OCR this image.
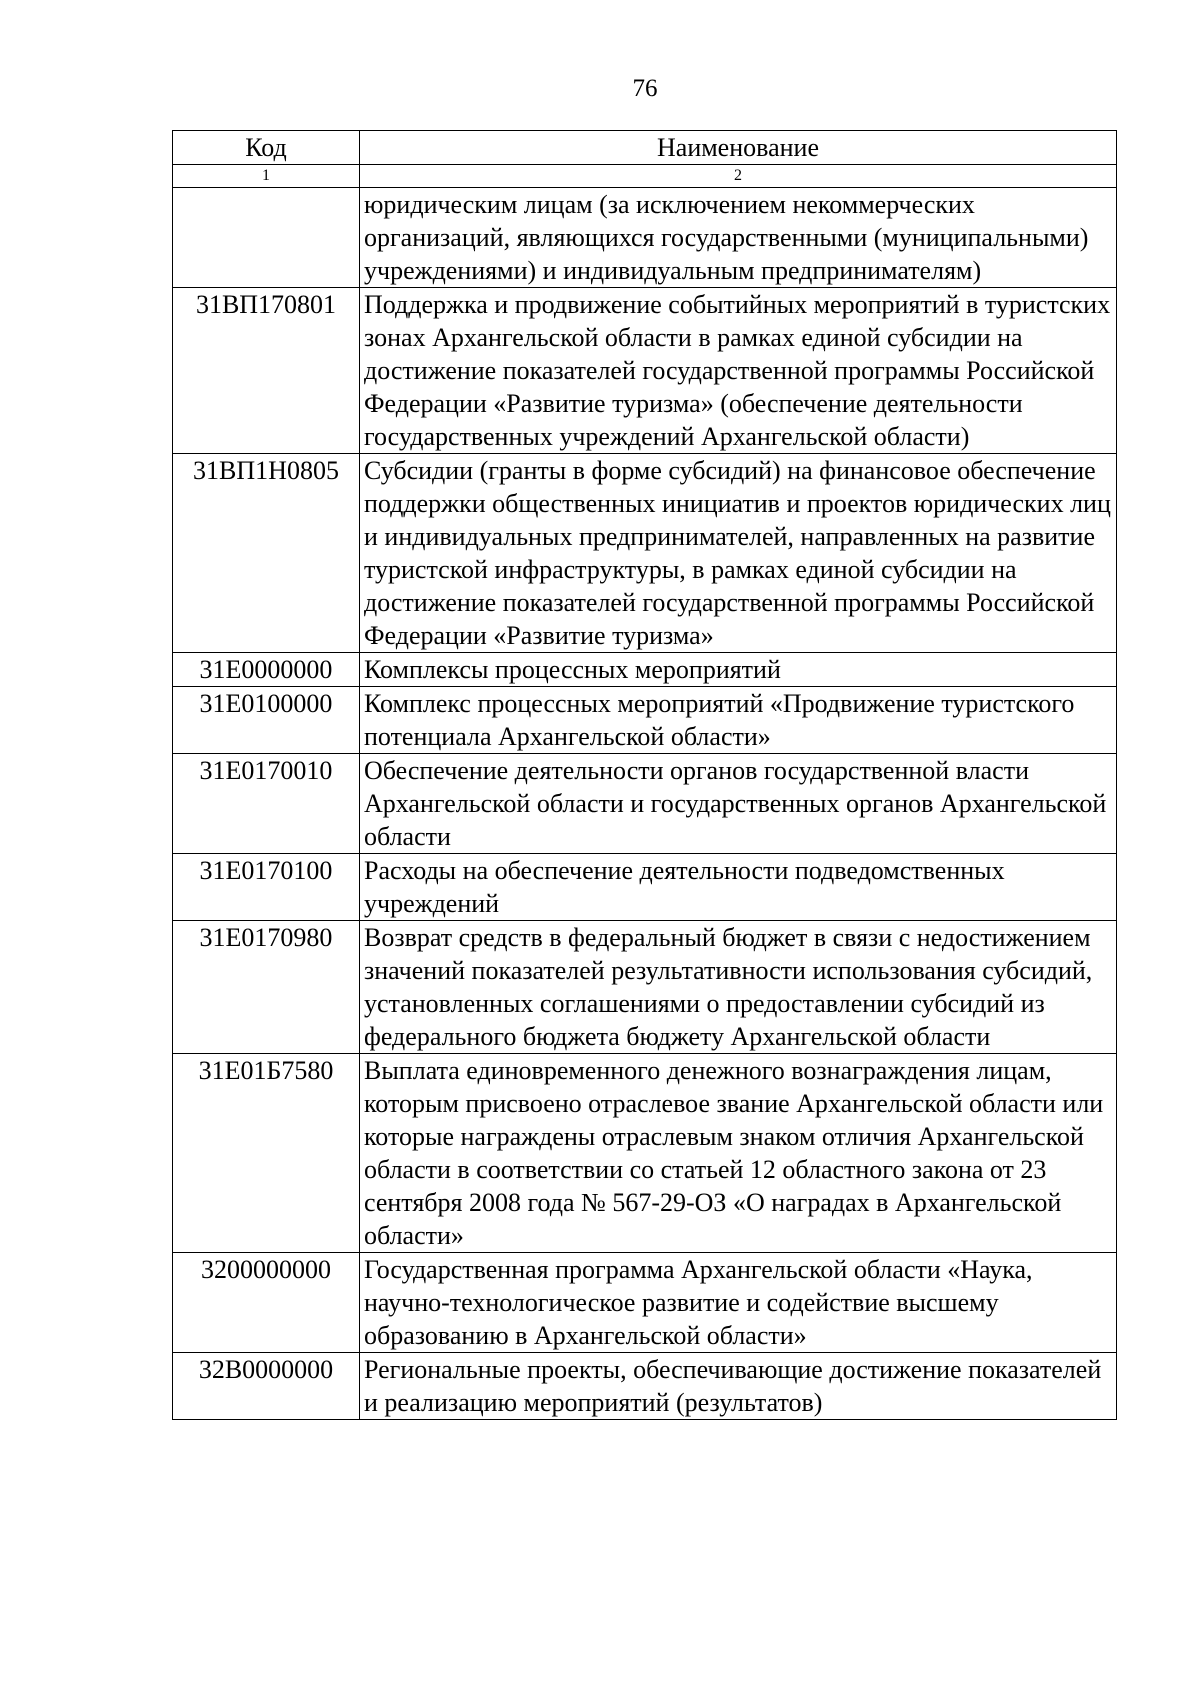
76
Код	Наименование
1	2
	юридическим лицам (за исключением некоммерческих организаций, являющихся государственными (муниципальными) учреждениями) и индивидуальным предпринимателям)
31ВП170801	Поддержка и продвижение событийных мероприятий в туристских зонах Архангельской области в рамках единой субсидии на достижение показателей государственной программы Российской Федерации «Развитие туризма» (обеспечение деятельности государственных учреждений Архангельской области)
31ВП1Н0805	Субсидии (гранты в форме субсидий) на финансовое обеспечение поддержки общественных инициатив и проектов юридических лиц и индивидуальных предпринимателей, направленных на развитие туристской инфраструктуры, в рамках единой субсидии на достижение показателей государственной программы Российской Федерации «Развитие туризма»
31Е0000000	Комплексы процессных мероприятий
31Е0100000	Комплекс процессных мероприятий «Продвижение туристского потенциала Архангельской области»
31Е0170010	Обеспечение деятельности органов государственной власти Архангельской области и государственных органов Архангельской области
31Е0170100	Расходы на обеспечение деятельности подведомственных учреждений
31Е0170980	Возврат средств в федеральный бюджет в связи с недостижением значений показателей результативности использования субсидий, установленных соглашениями о предоставлении субсидий из федерального бюджета бюджету Архангельской области
31Е01Б7580	Выплата единовременного денежного вознаграждения лицам, которым присвоено отраслевое звание Архангельской области или которые награждены отраслевым знаком отличия Архангельской области в соответствии со статьей 12 областного закона от 23 сентября 2008 года № 567-29-ОЗ «О наградах в Архангельской области»
3200000000	Государственная программа Архангельской области «Наука, научно-технологическое развитие и содействие высшему образованию в Архангельской области»
32В0000000	Региональные проекты, обеспечивающие достижение показателей и реализацию мероприятий (результатов)
